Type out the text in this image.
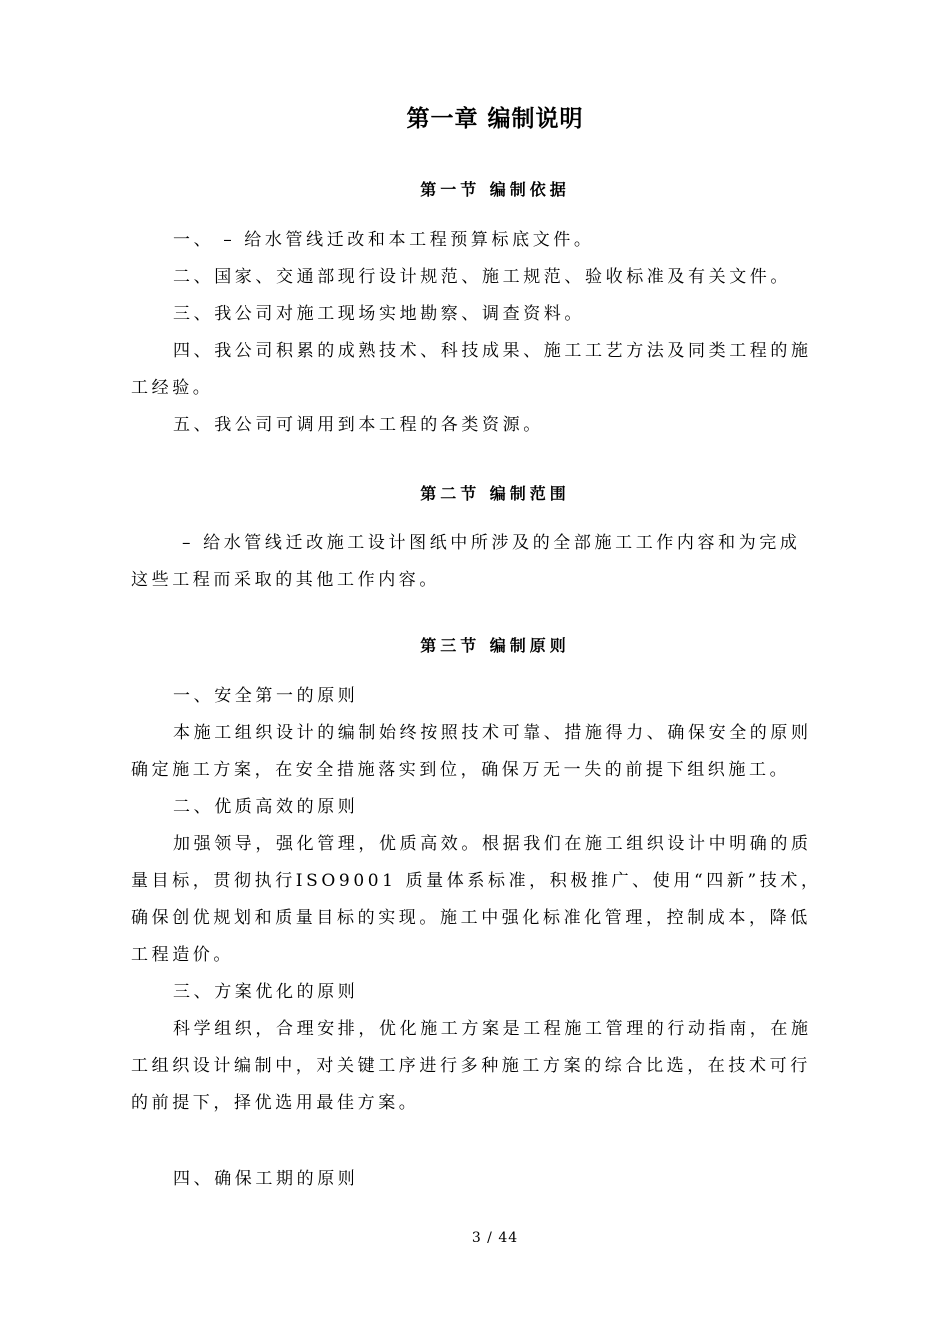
第一章 编制说明
第一节 编制依据
一、 – 给水管线迁改和本工程预算标底文件。
二、国家、交通部现行设计规范、施工规范、验收标准及有关文件。
三、我公司对施工现场实地勘察、调查资料。
四、我公司积累的成熟技术、科技成果、施工工艺方法及同类工程的施
工经验。
五、我公司可调用到本工程的各类资源。
第二节 编制范围
– 给水管线迁改施工设计图纸中所涉及的全部施工工作内容和为完成
这些工程而采取的其他工作内容。
第三节 编制原则
一、安全第一的原则
本施工组织设计的编制始终按照技术可靠、措施得力、确保安全的原则
确定施工方案，在安全措施落实到位，确保万无一失的前提下组织施工。
二、优质高效的原则
加强领导，强化管理，优质高效。根据我们在施工组织设计中明确的质
量目标，贯彻执行ISO9001 质量体系标准，积极推广、使用“四新”技术，
确保创优规划和质量目标的实现。施工中强化标准化管理，控制成本，降低
工程造价。
三、方案优化的原则
科学组织，合理安排，优化施工方案是工程施工管理的行动指南，在施
工组织设计编制中，对关键工序进行多种施工方案的综合比选，在技术可行
的前提下，择优选用最佳方案。
四、确保工期的原则
3 / 44
